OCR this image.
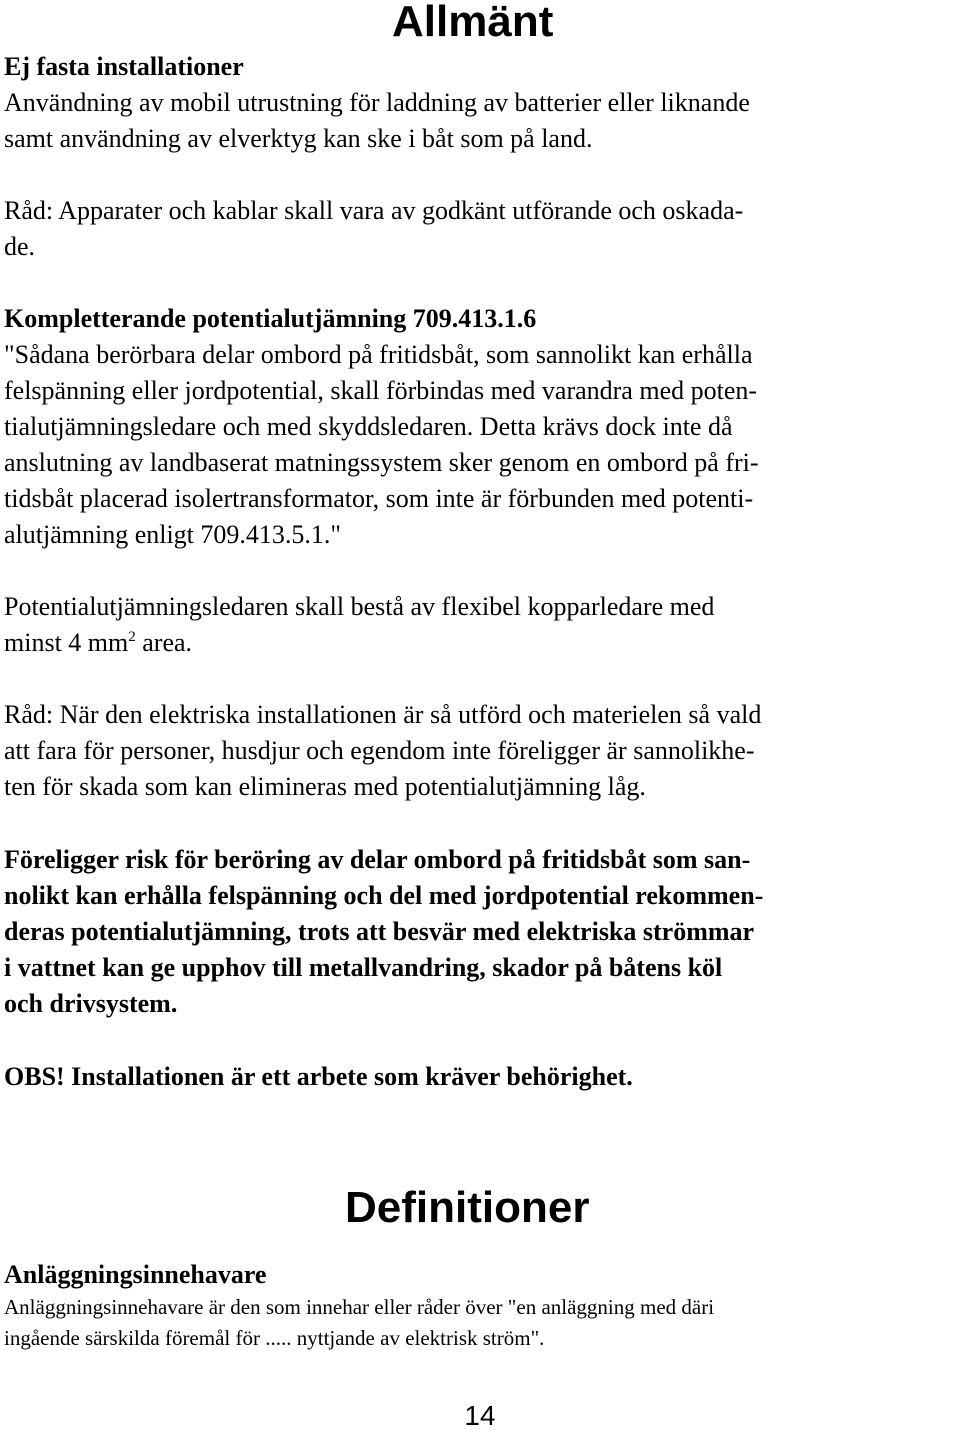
Allmänt
Ej fasta installationer
Användning av mobil utrustning för laddning av batterier eller liknande
samt användning av elverktyg kan ske i båt som på land.
Råd: Apparater och kablar skall vara av godkänt utförande och oskada-
de.
Kompletterande potentialutjämning 709.413.1.6
"Sådana berörbara delar ombord på fritidsbåt, som sannolikt kan erhålla
felspänning eller jordpotential, skall förbindas med varandra med poten-
tialutjämningsledare och med skyddsledaren. Detta krävs dock inte då
anslutning av landbaserat matningssystem sker genom en ombord på fri-
tidsbåt placerad isolertransformator, som inte är förbunden med potenti-
alutjämning enligt 709.413.5.1."
Potentialutjämningsledaren skall bestå av flexibel kopparledare med
minst 4 $mm^2$ area.
Råd: När den elektriska installationen är så utförd och materielen så vald
att fara för personer, husdjur och egendom inte föreligger är sannolikhe-
ten för skada som kan elimineras med potentialutjämning låg.
Föreligger risk för beröring av delar ombord på fritidsbåt som san-
nolikt kan erhålla felspänning och del med jordpotential rekommen-
deras potentialutjämning, trots att besvär med elektriska strömmar
i vattnet kan ge upphov till metallvandring, skador på båtens köl
och drivsystem.
OBS! Installationen är ett arbete som kräver behörighet.
Definitioner
Anläggningsinnehavare
Anläggningsinnehavare är den som innehar eller råder över "en anläggning med däri
ingående särskilda föremål för ..... nyttjande av elektrisk ström".
14
